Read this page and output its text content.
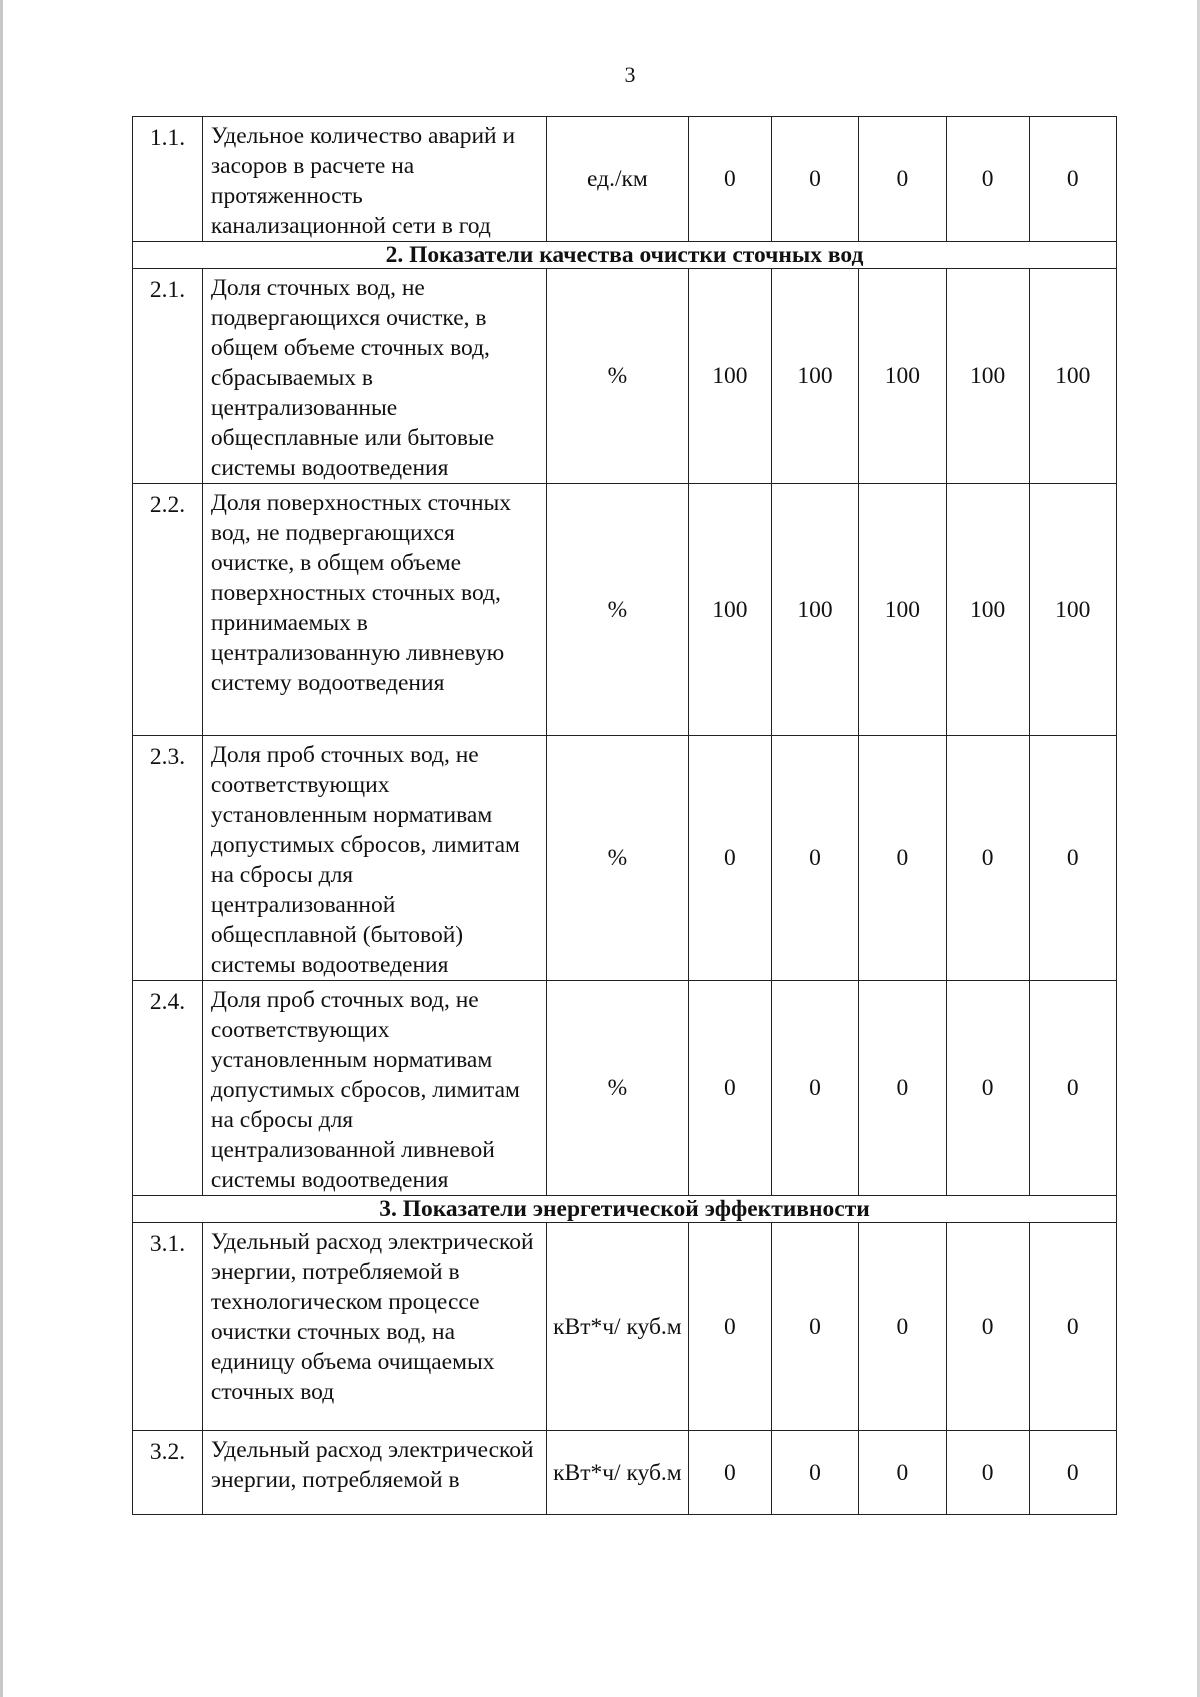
3
1.1.	Удельное количество аварий и засоров в расчете на протяженность канализационной сети в год	ед./км	0	0	0	0	0
2. Показатели качества очистки сточных вод							
2.1.	Доля сточных вод, не подвергающихся очистке, в общем объеме сточных вод, сбрасываемых в централизованные общесплавные или бытовые системы водоотведения	%	100	100	100	100	100
2.2.	Доля поверхностных сточных вод, не подвергающихся очистке, в общем объеме поверхностных сточных вод, принимаемых в централизованную ливневую систему водоотведения	%	100	100	100	100	100
2.3.	Доля проб сточных вод, не соответствующих установленным нормативам допустимых сбросов, лимитам на сбросы для централизованной общесплавной (бытовой) системы водоотведения	%	0	0	0	0	0
2.4.	Доля проб сточных вод, не соответствующих установленным нормативам допустимых сбросов, лимитам на сбросы для централизованной ливневой системы водоотведения	%	0	0	0	0	0
3. Показатели энергетической эффективности							
3.1.	Удельный расход электрической энергии, потребляемой в технологическом процессе очистки сточных вод, на единицу объема очищаемых сточных вод	кВт*ч/ куб.м	0	0	0	0	0
3.2.	Удельный расход электрической энергии, потребляемой в	кВт*ч/ куб.м	0	0	0	0	0
